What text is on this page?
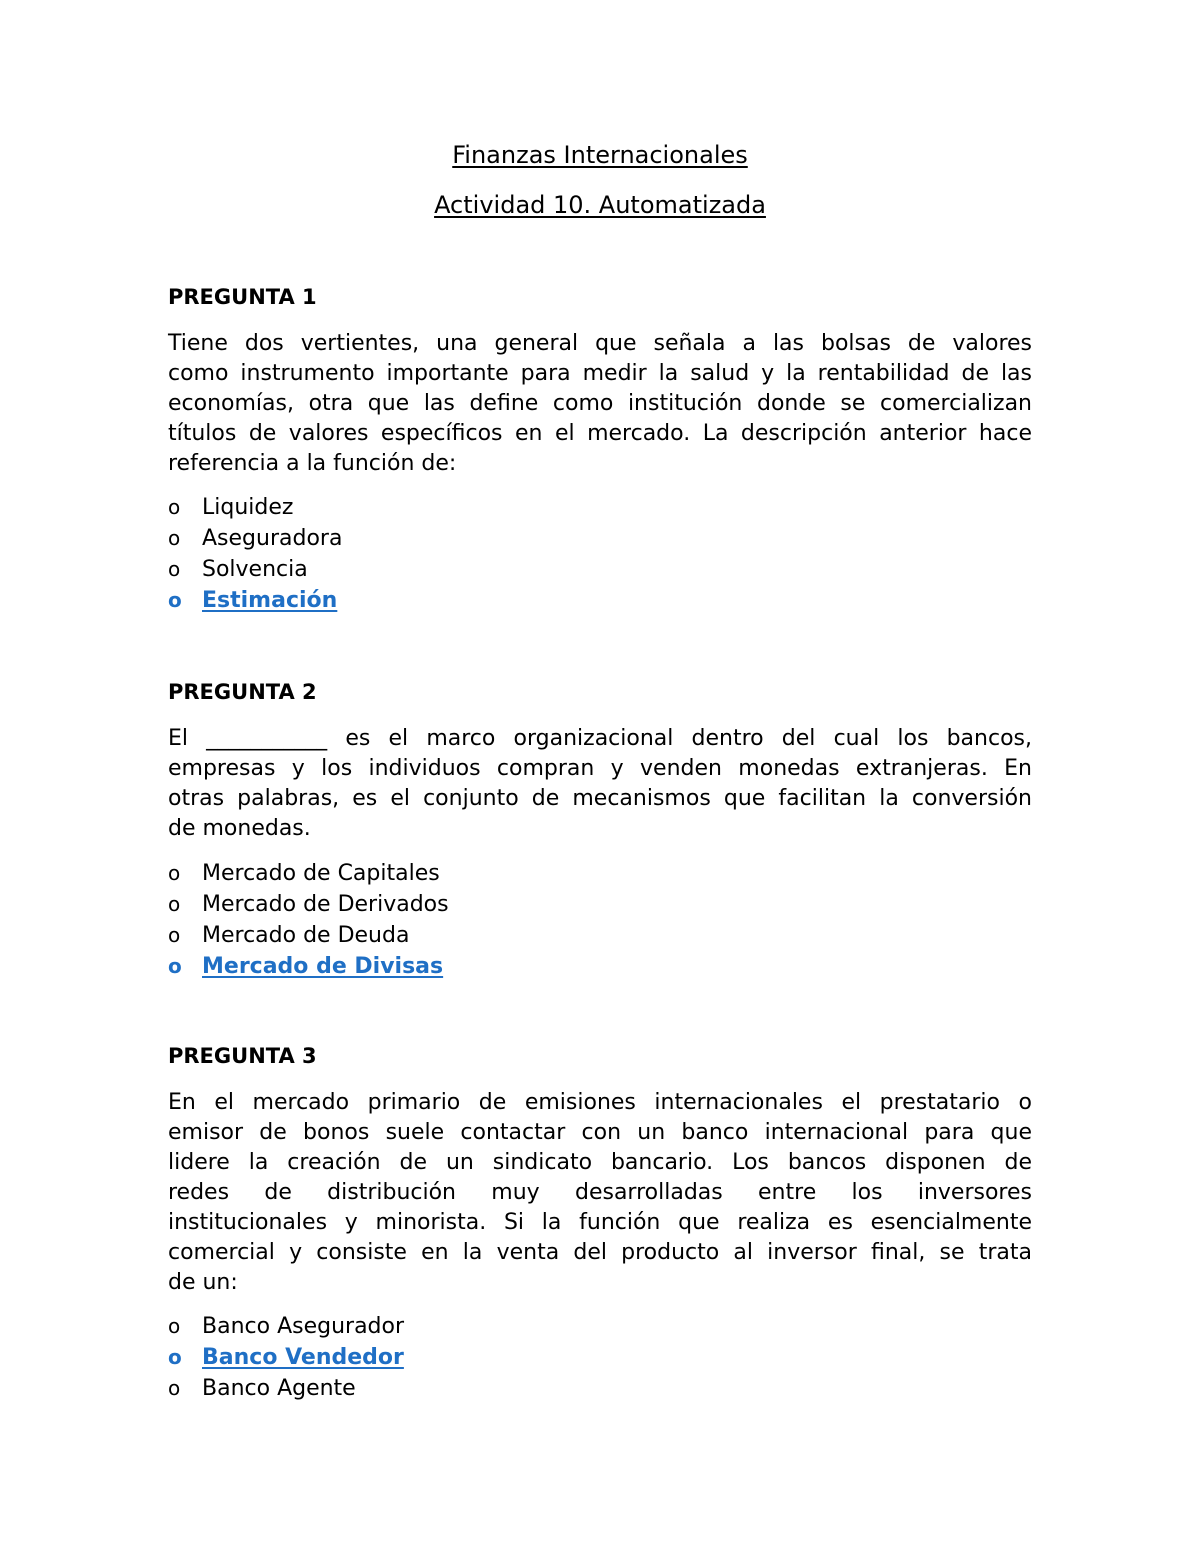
Finanzas Internacionales
Actividad 10. Automatizada
PREGUNTA 1
Tiene dos vertientes, una general que señala a las bolsas de valores
como instrumento importante para medir la salud y la rentabilidad de las
economías, otra que las define como institución donde se comercializan
títulos de valores específicos en el mercado. La descripción anterior hace
referencia a la función de:
o Liquidez
o Aseguradora
o Solvencia
o Estimación
PREGUNTA 2
El ___________ es el marco organizacional dentro del cual los bancos,
empresas y los individuos compran y venden monedas extranjeras. En
otras palabras, es el conjunto de mecanismos que facilitan la conversión
de monedas.
o Mercado de Capitales
o Mercado de Derivados
o Mercado de Deuda
o Mercado de Divisas
PREGUNTA 3
En el mercado primario de emisiones internacionales el prestatario o
emisor de bonos suele contactar con un banco internacional para que
lidere la creación de un sindicato bancario. Los bancos disponen de
redes de distribución muy desarrolladas entre los inversores
institucionales y minorista. Si la función que realiza es esencialmente
comercial y consiste en la venta del producto al inversor final, se trata
de un:
o Banco Asegurador
o Banco Vendedor
o Banco Agente
